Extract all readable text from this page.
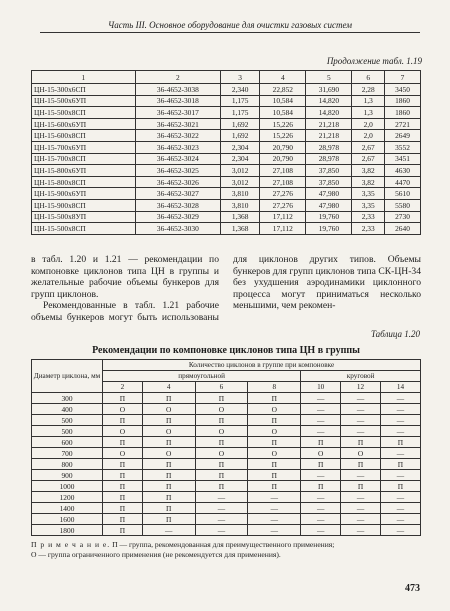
Часть III. Основное оборудование для очистки газовых систем
Продолжение табл. 1.19
1	2	3	4	5	6	7
ЦН-15-300х6СП	36-4652-3038	2,340	22,852	31,690	2,28	3450
ЦН-15-500х6УП	36-4652-3018	1,175	10,584	14,820	1,3	1860
ЦН-15-500х8СП	36-4652-3017	1,175	10,584	14,820	1,3	1860
ЦН-15-600х6УП	36-4652-3021	1,692	15,226	21,218	2,0	2721
ЦН-15-600х8СП	36-4652-3022	1,692	15,226	21,218	2,0	2649
ЦН-15-700х6УП	36-4652-3023	2,304	20,790	28,978	2,67	3552
ЦН-15-700х8СП	36-4652-3024	2,304	20,790	28,978	2,67	3451
ЦН-15-800х6УП	36-4652-3025	3,012	27,108	37,850	3,82	4630
ЦН-15-800х8СП	36-4652-3026	3,012	27,108	37,850	3,82	4470
ЦН-15-900х6УП	36-4652-3027	3,810	27,276	47,980	3,35	5610
ЦН-15-900х8СП	36-4652-3028	3,810	27,276	47,980	3,35	5580
ЦН-15-500х8УП	36-4652-3029	1,368	17,112	19,760	2,33	2730
ЦН-15-500х8СП	36-4652-3030	1,368	17,112	19,760	2,33	2640

в табл. 1.20 и 1.21 — рекомендации по компоновке циклонов типа ЦН в группы и желательные рабочие объемы бункеров для групп циклонов.

Рекомендованные в табл. 1.21 рабочие объемы бункеров могут быть использованы для циклонов других типов. Объемы бункеров для групп циклонов типа СК-ЦН-34 без ухудшения аэродинамики циклонного процесса могут приниматься несколько меньшими, чем рекомен-

Таблица 1.20
Рекомендации по компоновке циклонов типа ЦН в группы
Диаметр циклона, мм	Количество циклонов в группе при компоновке						
	прямоугольной				круговой		
	2	4	6	8	10	12	14
300	П	П	П	П	—	—	—
400	О	О	О	О	—	—	—
500	П	П	П	П	—	—	—
500	О	О	О	О	—	—	—
600	П	П	П	П	П	П	П
700	О	О	О	О	О	О	—
800	П	П	П	П	П	П	П
900	П	П	П	П	—	—	—
1000	П	П	П	П	П	П	П
1200	П	П	—	—	—	—	—
1400	П	П	—	—	—	—	—
1600	П	П	—	—	—	—	—
1800	П	—	—	—	—	—	—
П р и м е ч а н и е. П — группа, рекомендованная для преимущественного применения;
О — группа ограниченного применения (не рекомендуется для применения).
473
